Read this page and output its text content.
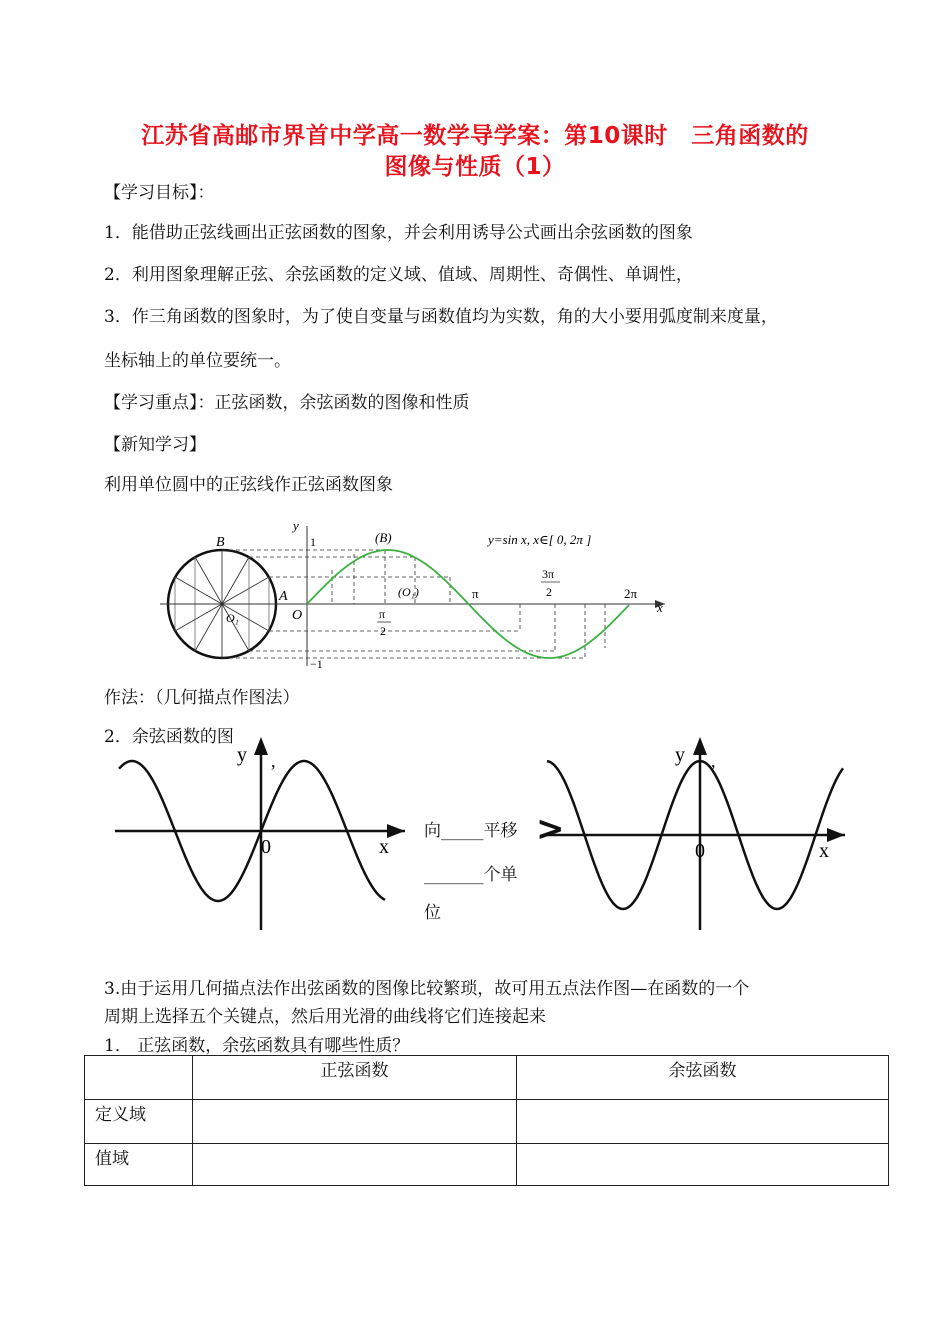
江苏省高邮市界首中学高一数学导学案：第10课时　三角函数的
图像与性质（1）
【学习目标】：
1．能借助正弦线画出正弦函数的图象，并会利用诱导公式画出余弦函数的图象
2．利用图象理解正弦、余弦函数的定义域、值域、周期性、奇偶性、单调性，
3．作三角函数的图象时，为了使自变量与函数值均为实数，角的大小要用弧度制来度量，
坐标轴上的单位要统一。
【学习重点】：正弦函数，余弦函数的图像和性质
【新知学习】
利用单位圆中的正弦线作正弦函数图象
B
A
O₁
x
y
1
−1
O
(B)
(O₁)	π
π
2
3π
2	2π
y=sin x, x∈[ 0, 2π ]
作法：（几何描点作图法）
2．余弦函数的图
y ,
x
0
向_____平移
_______个单
位
>
y ,
x
0
3.由于运用几何描点法作出弦函数的图像比较繁琐，故可用五点法作图—在函数的一个
周期上选择五个关键点，然后用光滑的曲线将它们连接起来
1． 正弦函数，余弦函数具有哪些性质？
	正弦函数	余弦函数
定义域		
值域		
